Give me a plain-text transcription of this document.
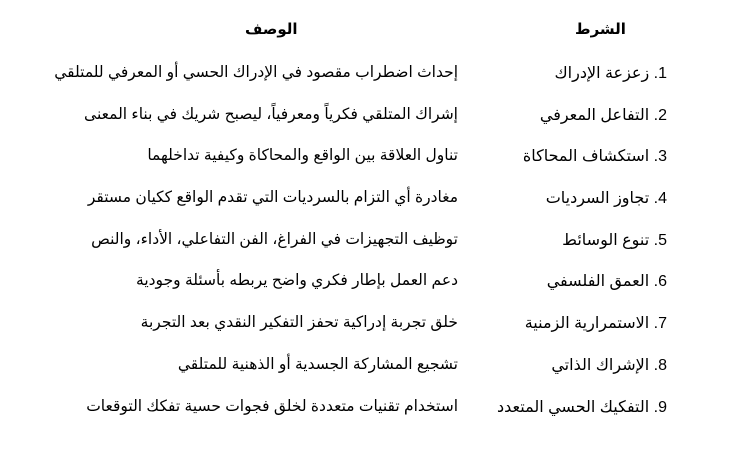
الشرط
الوصف
1. زعزعة الإدراك
إحداث اضطراب مقصود في الإدراك الحسي أو المعرفي للمتلقي
2. التفاعل المعرفي
إشراك المتلقي فكرياً ومعرفياً، ليصبح شريك في بناء المعنى
3. استكشاف المحاكاة
تناول العلاقة بين الواقع والمحاكاة وكيفية تداخلهما
4. تجاوز السرديات
مغادرة أي التزام بالسرديات التي تقدم الواقع ككيان مستقر
5. تنوع الوسائط
توظيف التجهيزات في الفراغ، الفن التفاعلي، الأداء، والنص
6. العمق الفلسفي
دعم العمل بإطار فكري واضح يربطه بأسئلة وجودية
7. الاستمرارية الزمنية
خلق تجربة إدراكية تحفز التفكير النقدي بعد التجربة
8. الإشراك الذاتي
تشجيع المشاركة الجسدية أو الذهنية للمتلقي
9. التفكيك الحسي المتعدد
استخدام تقنيات متعددة لخلق فجوات حسية تفكك التوقعات
